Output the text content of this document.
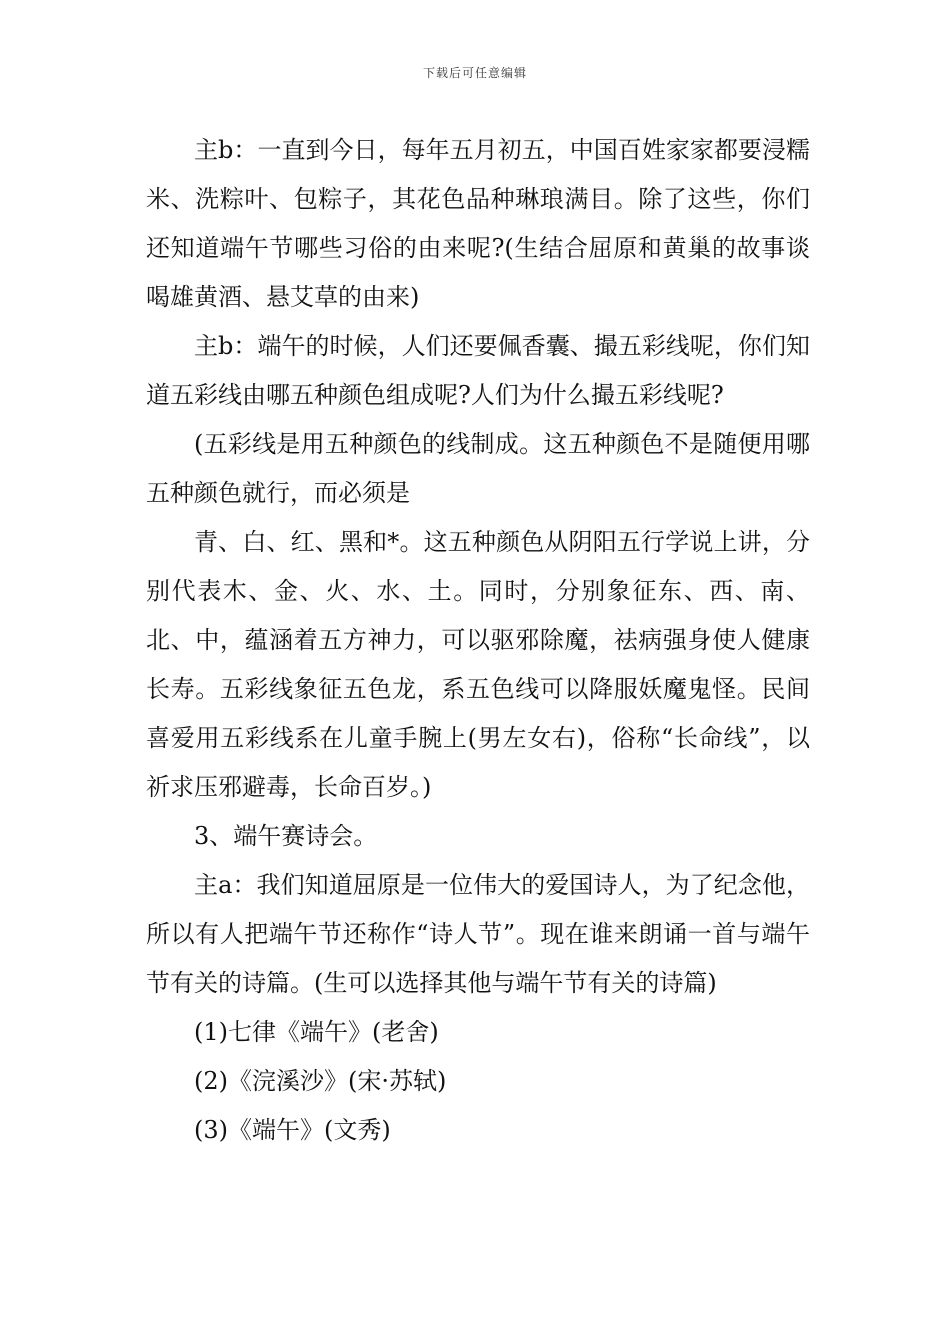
下载后可任意编辑

主b：一直到今日，每年五月初五，中国百姓家家都要浸糯米、洗粽叶、包粽子，其花色品种琳琅满目。除了这些，你们还知道端午节哪些习俗的由来呢?(生结合屈原和黄巢的故事谈喝雄黄酒、悬艾草的由来)

主b：端午的时候，人们还要佩香囊、撮五彩线呢，你们知道五彩线由哪五种颜色组成呢?人们为什么撮五彩线呢?

(五彩线是用五种颜色的线制成。这五种颜色不是随便用哪五种颜色就行，而必须是

青、白、红、黑和*。这五种颜色从阴阳五行学说上讲，分别代表木、金、火、水、土。同时，分别象征东、西、南、北、中，蕴涵着五方神力，可以驱邪除魔，祛病强身使人健康长寿。五彩线象征五色龙，系五色线可以降服妖魔鬼怪。民间喜爱用五彩线系在儿童手腕上(男左女右)，俗称“长命线”，以祈求压邪避毒，长命百岁。)

3、端午赛诗会。

主a：我们知道屈原是一位伟大的爱国诗人，为了纪念他，所以有人把端午节还称作“诗人节”。现在谁来朗诵一首与端午节有关的诗篇。(生可以选择其他与端午节有关的诗篇)

(1)七律《端午》(老舍)

(2)《浣溪沙》(宋·苏轼)

(3)《端午》(文秀)
